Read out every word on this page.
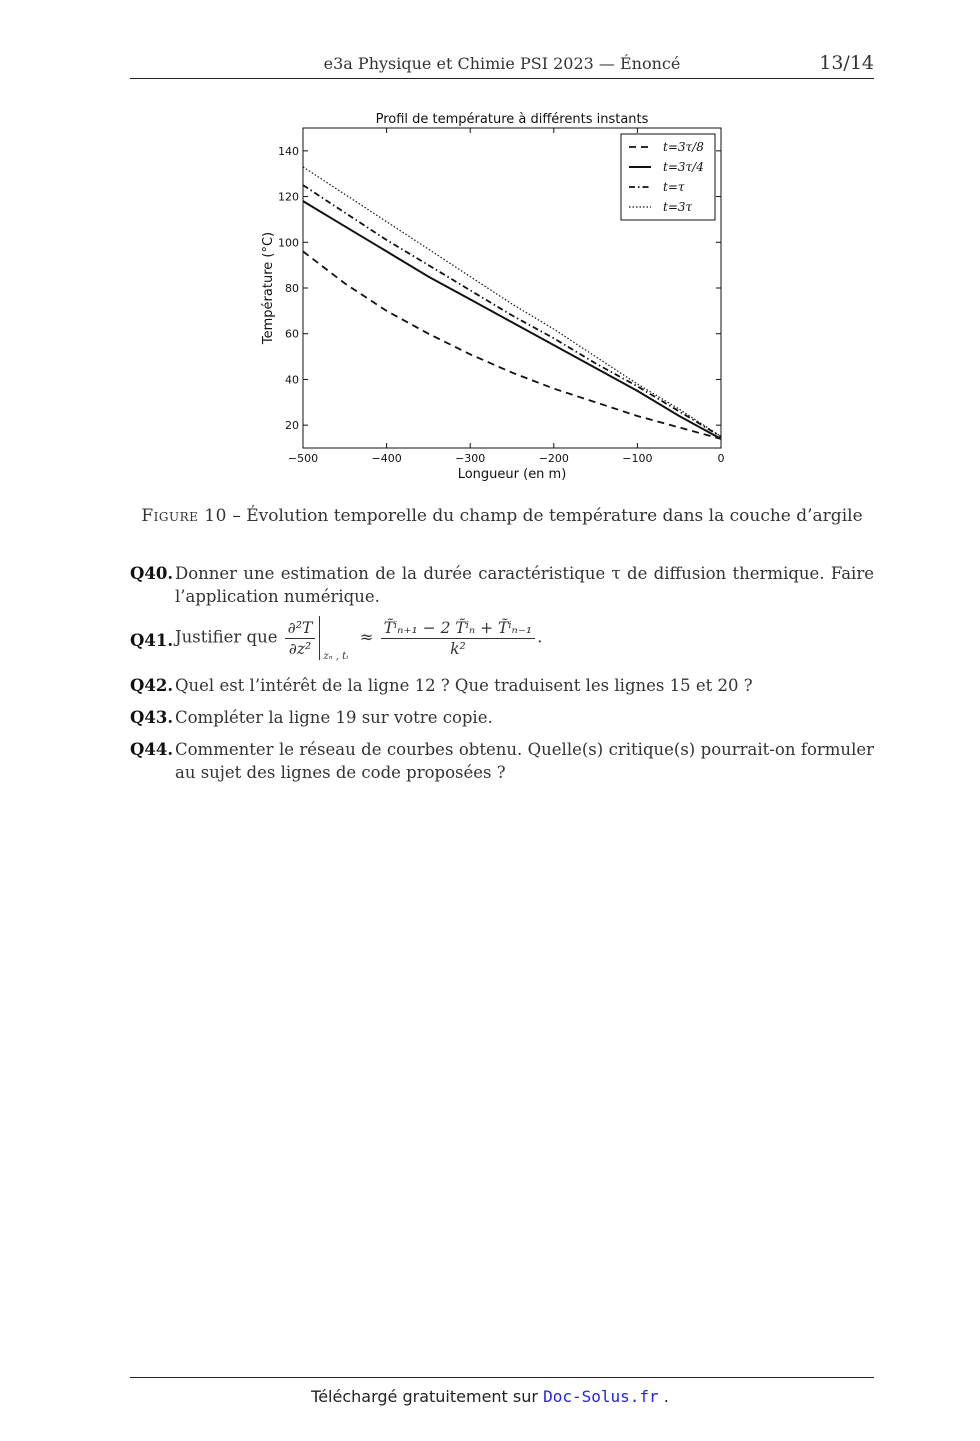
e3a Physique et Chimie PSI 2023 — Énoncé	13/14
Profil de température à différents instants
−500	−400	−300	−200	−100	0
20
40
60
80
100
120
140
Longueur (en m)
Température (°C)
t=3τ/8
t=3τ/4
t=τ
t=3τ
Figure 10 – Évolution temporelle du champ de température dans la couche d’argile
Q40. Donner une estimation de la durée caractéristique τ de diffusion thermique. Faire l’application numérique.
Q41. Justifier que $\frac{\text{∂²T}}{\text{∂z²}}$ zₙ , tᵢ
≈ $\frac{\text{T̃ⁱₙ₊₁ − 2 T̃ⁱₙ + T̃ⁱₙ₋₁}}{\text{k²}}$ .
Q42. Quel est l’intérêt de la ligne 12 ? Que traduisent les lignes 15 et 20 ?
Q43. Compléter la ligne 19 sur votre copie.
Q44. Commenter le réseau de courbes obtenu. Quelle(s) critique(s) pourrait-on formuler au sujet des lignes de code proposées ?
Téléchargé gratuitement sur Doc-Solus.fr .
